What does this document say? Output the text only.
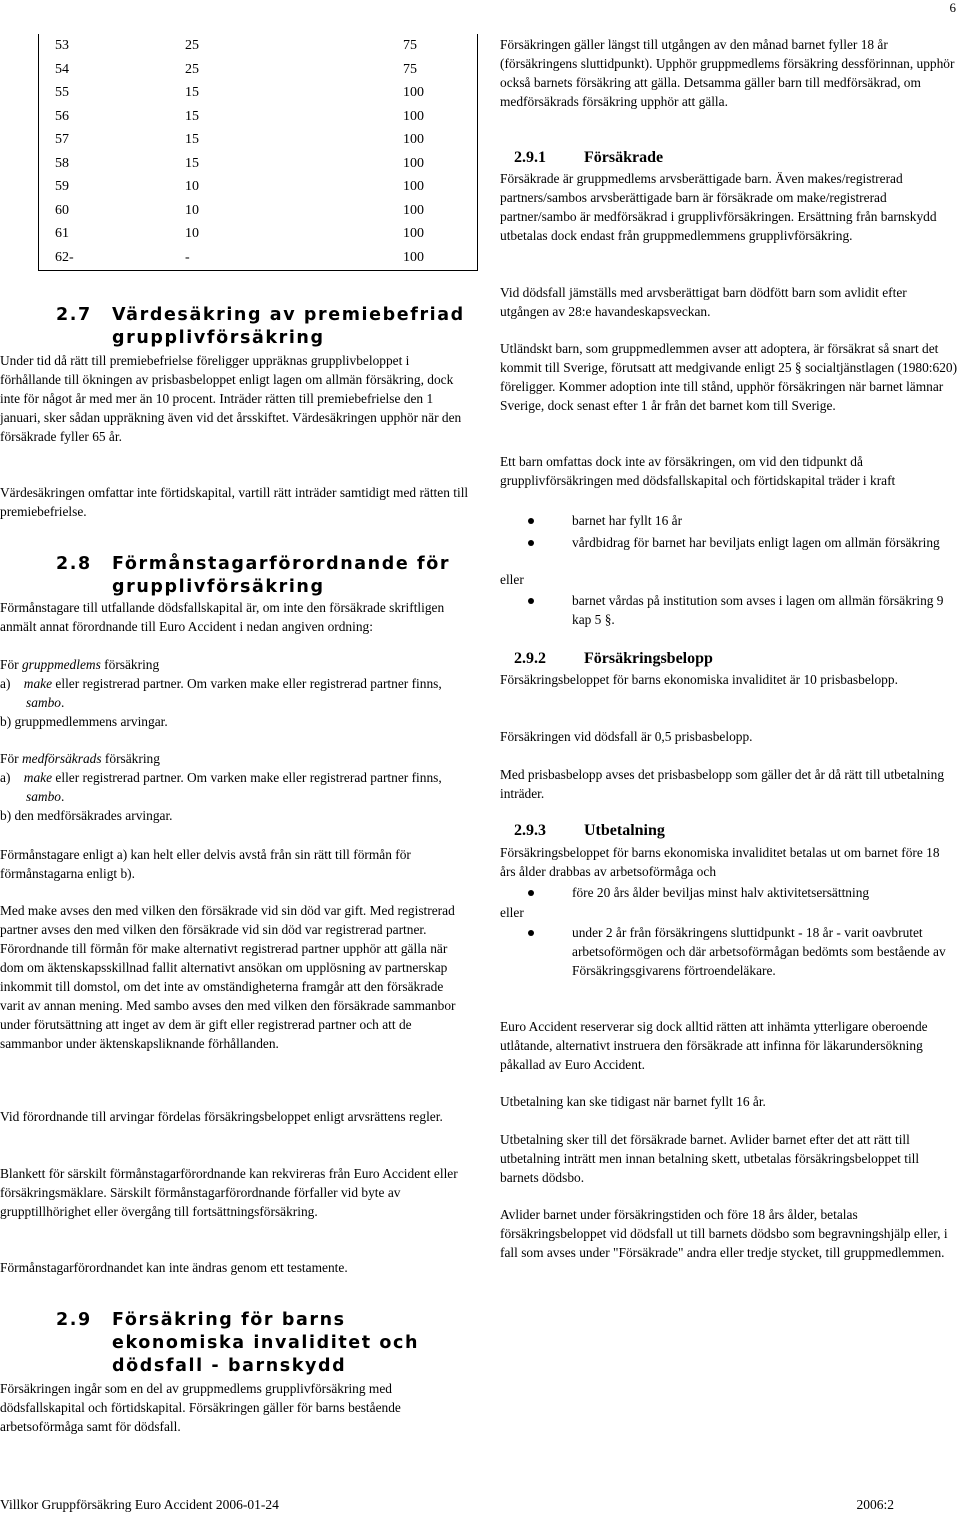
6
53	25	75
54	25	75
55	15	100
56	15	100
57	15	100
58	15	100
59	10	100
60	10	100
61	10	100
62-	-	100
2.7	Värdesäkring av premiebefriad grupplivförsäkring

Under tid då rätt till premiebefrielse föreligger uppräknas grupplivbeloppet i förhållande till ökningen av prisbasbeloppet enligt lagen om allmän försäkring, dock inte för något år med mer än 10 procent. Inträder rätten till premiebefrielse den 1 januari, sker sådan uppräkning även vid det årsskiftet. Värdesäkringen upphör när den försäkrade fyller 65 år.

Värdesäkringen omfattar inte förtidskapital, vartill rätt inträder samtidigt med rätten till premiebefrielse.

2.8	Förmånstagarförordnande för grupplivförsäkring

Förmånstagare till utfallande dödsfallskapital är, om inte den försäkrade skriftligen anmält annat förordnande till Euro Accident i nedan angiven ordning:

För gruppmedlems försäkring

a) make eller registrerad partner. Om varken make eller registrerad partner finns, sambo.

b) gruppmedlemmens arvingar.

För medförsäkrads försäkring

a) make eller registrerad partner. Om varken make eller registrerad partner finns, sambo.

b) den medförsäkrades arvingar.

Förmånstagare enligt a) kan helt eller delvis avstå från sin rätt till förmån för förmånstagarna enligt b).

Med make avses den med vilken den försäkrade vid sin död var gift. Med registrerad partner avses den med vilken den försäkrade vid sin död var registrerad partner. Förordnande till förmån för make alternativt registrerad partner upphör att gälla när dom om äktenskapsskillnad fallit alternativt ansökan om upplösning av partnerskap inkommit till domstol, om det inte av omständigheterna framgår att den försäkrade varit av annan mening. Med sambo avses den med vilken den försäkrade sammanbor under förutsättning att inget av dem är gift eller registrerad partner och att de sammanbor under äktenskapsliknande förhållanden.

Vid förordnande till arvingar fördelas försäkringsbeloppet enligt arvsrättens regler.

Blankett för särskilt förmånstagarförordnande kan rekvireras från Euro Accident eller försäkringsmäklare. Särskilt förmånstagarförordnande förfaller vid byte av grupptillhörighet eller övergång till fortsättningsförsäkring.

Förmånstagarförordnandet kan inte ändras genom ett testamente.

2.9	Försäkring för barns ekonomiska invaliditet och dödsfall - barnskydd

Försäkringen ingår som en del av gruppmedlems grupplivförsäkring med dödsfallskapital och förtidskapital. Försäkringen gäller för barns bestående arbetsoförmåga samt för dödsfall.

Försäkringen gäller längst till utgången av den månad barnet fyller 18 år (försäkringens sluttidpunkt). Upphör gruppmedlems försäkring dessförinnan, upphör också barnets försäkring att gälla. Detsamma gäller barn till medförsäkrad, om medförsäkrads försäkring upphör att gälla.

2.9.1 Försäkrade

Försäkrade är gruppmedlems arvsberättigade barn. Även makes/registrerad partners/sambos arvsberättigade barn är försäkrade om make/registrerad partner/sambo är medförsäkrad i grupplivförsäkringen. Ersättning från barnskydd utbetalas dock endast från gruppmedlemmens grupplivförsäkring.

Vid dödsfall jämställs med arvsberättigat barn dödfött barn som avlidit efter utgången av 28:e havandeskapsveckan.

Utländskt barn, som gruppmedlemmen avser att adoptera, är försäkrat så snart det kommit till Sverige, förutsatt att medgivande enligt 25 § socialtjänstlagen (1980:620) föreligger. Kommer adoption inte till stånd, upphör försäkringen när barnet lämnar Sverige, dock senast efter 1 år från det barnet kom till Sverige.

Ett barn omfattas dock inte av försäkringen, om vid den tidpunkt då grupplivförsäkringen med dödsfallskapital och förtidskapital träder i kraft

barnet har fyllt 16 år
vårdbidrag för barnet har beviljats enligt lagen om allmän försäkring

eller

barnet vårdas på institution som avses i lagen om allmän försäkring 9 kap 5 §.
2.9.2 Försäkringsbelopp

Försäkringsbeloppet för barns ekonomiska invaliditet är 10 prisbasbelopp.

Försäkringen vid dödsfall är 0,5 prisbasbelopp.

Med prisbasbelopp avses det prisbasbelopp som gäller det år då rätt till utbetalning inträder.

2.9.3 Utbetalning

Försäkringsbeloppet för barns ekonomiska invaliditet betalas ut om barnet före 18 års ålder drabbas av arbetsoförmåga och

före 20 års ålder beviljas minst halv aktivitetsersättning

eller

under 2 år från försäkringens sluttidpunkt - 18 år - varit oavbrutet arbetsoförmögen och där arbetsoförmågan bedömts som bestående av Försäkringsgivarens förtroendeläkare.

Euro Accident reserverar sig dock alltid rätten att inhämta ytterligare oberoende utlåtande, alternativt instruera den försäkrade att infinna för läkarundersökning påkallad av Euro Accident.

Utbetalning kan ske tidigast när barnet fyllt 16 år.

Utbetalning sker till det försäkrade barnet. Avlider barnet efter det att rätt till utbetalning inträtt men innan betalning skett, utbetalas försäkringsbeloppet till barnets dödsbo.

Avlider barnet under försäkringstiden och före 18 års ålder, betalas försäkringsbeloppet vid dödsfall ut till barnets dödsbo som begravningshjälp eller, i fall som avses under "Försäkrade" andra eller tredje stycket, till gruppmedlemmen.

Villkor Gruppförsäkring Euro Accident 2006-01-24	2006:2
